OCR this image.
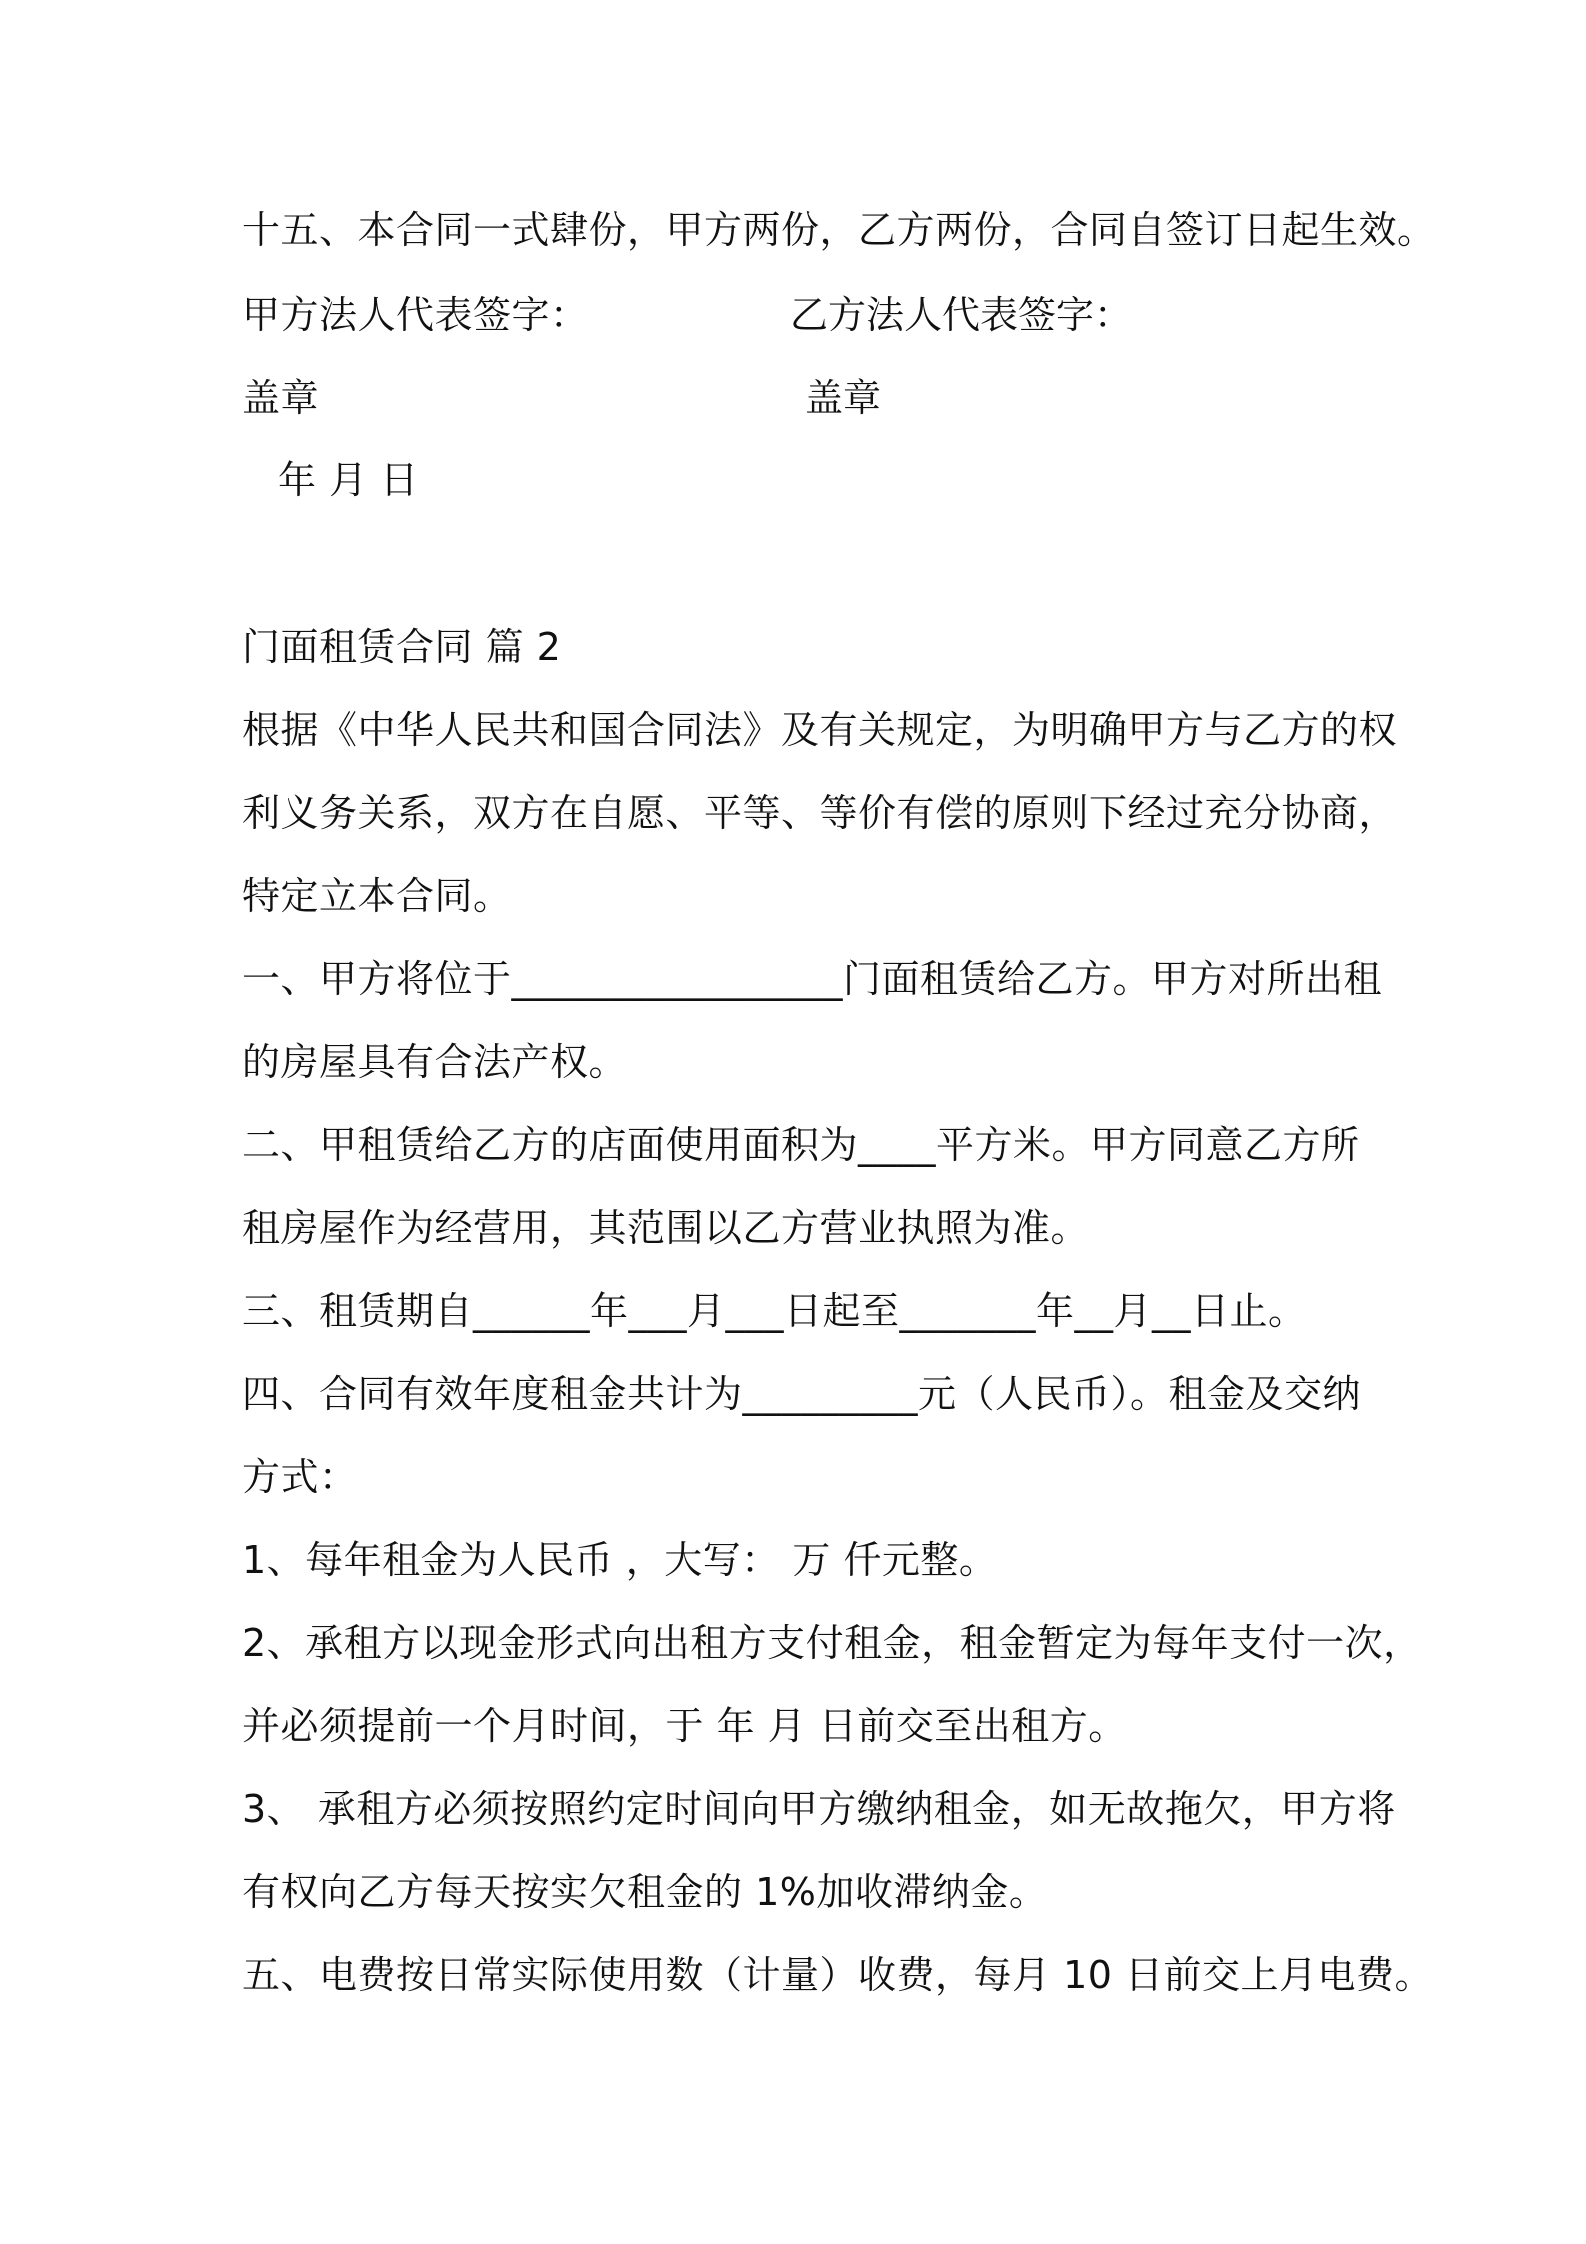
十五、本合同一式肆份，甲方两份，乙方两份，合同自签订日起生效。
甲方法人代表签字：	乙方法人代表签字：
盖章	盖章
年 月 日
门面租赁合同 篇 2
根据《中华人民共和国合同法》及有关规定，为明确甲方与乙方的权
利义务关系，双方在自愿、平等、等价有偿的原则下经过充分协商，
特定立本合同。
一、甲方将位于_________________门面租赁给乙方。甲方对所出租
的房屋具有合法产权。
二、甲租赁给乙方的店面使用面积为____平方米。甲方同意乙方所
租房屋作为经营用，其范围以乙方营业执照为准。
三、租赁期自______年___月___日起至_______年__月__日止。
四、合同有效年度租金共计为_________元（人民币）。租金及交纳
方式：
1、每年租金为人民币 ，大写： 万 仟元整。
2、承租方以现金形式向出租方支付租金，租金暂定为每年支付一次，
并必须提前一个月时间，于 年 月 日前交至出租方。
3、 承租方必须按照约定时间向甲方缴纳租金，如无故拖欠，甲方将
有权向乙方每天按实欠租金的 1%加收滞纳金。
五、电费按日常实际使用数（计量）收费，每月 10 日前交上月电费。
